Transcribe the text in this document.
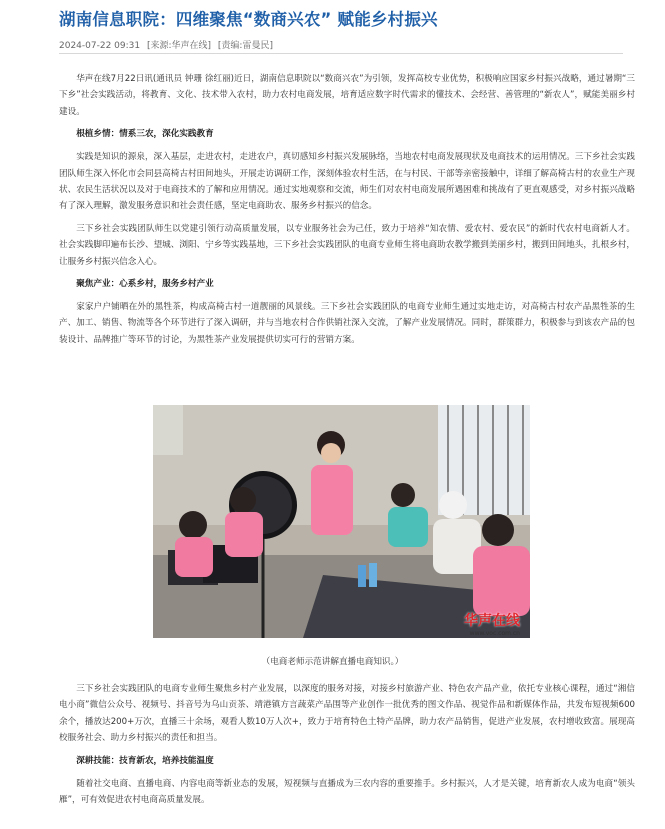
湖南信息职院：四维聚焦“数商兴农” 赋能乡村振兴
2024-07-22 09:31 [来源:华声在线] [责编:雷曼民]

华声在线7月22日讯(通讯员 钟珊 徐红丽)近日，湖南信息职院以“数商兴农”为引领，发挥高校专业优势，积极响应国家乡村振兴战略，通过暑期“三下乡”社会实践活动，将教育、文化、技术带入农村，助力农村电商发展，培育适应数字时代需求的懂技术、会经营、善管理的“新农人”，赋能美丽乡村建设。

根植乡情：情系三农，深化实践教育

实践是知识的源泉，深入基层，走进农村，走进农户，真切感知乡村振兴发展脉络，当地农村电商发展现状及电商技术的运用情况。三下乡社会实践团队师生深入怀化市会同县高椅古村田间地头，开展走访调研工作，深刻体验农村生活，在与村民、干部等亲密接触中，详细了解高椅古村的农业生产现状、农民生活状况以及对于电商技术的了解和应用情况。通过实地观察和交流，师生们对农村电商发展所遇困难和挑战有了更直观感受，对乡村振兴战略有了深入理解，激发服务意识和社会责任感，坚定电商助农、服务乡村振兴的信念。

三下乡社会实践团队师生以党建引领行动高质量发展，以专业服务社会为己任，致力于培养“知农情、爱农村、爱农民”的新时代农村电商新人才。社会实践脚印遍布长沙、望城、浏阳、宁乡等实践基地，三下乡社会实践团队的电商专业师生将电商助农教学搬到美丽乡村，搬到田间地头，扎根乡村，让服务乡村振兴信念入心。

聚焦产业：心系乡村，服务乡村产业

家家户户铺晒在外的黑牲茶，构成高椅古村一道靓丽的风景线。三下乡社会实践团队的电商专业师生通过实地走访，对高椅古村农产品黑牲茶的生产、加工、销售、物流等各个环节进行了深入调研，并与当地农村合作供销社深入交流，了解产业发展情况。同时，群策群力，积极参与到该农产品的包装设计、品牌推广等环节的讨论，为黑牲茶产业发展提供切实可行的营销方案。

华声在线
www.voc.com.cn
（电商老师示范讲解直播电商知识。）

三下乡社会实践团队的电商专业师生聚焦乡村产业发展，以深度的服务对接，对接乡村旅游产业、特色农产品产业，依托专业核心课程，通过“湘信电小商”微信公众号、视频号、抖音号为乌山贡茶、靖港镇方言蔬菜产品围等产业创作一批优秀的图文作品、视觉作品和新媒体作品，共发布短视频600余个，播放达200+万次，直播三十余场，观看人数10万人次+，致力于培育特色土特产品牌，助力农产品销售，促进产业发展，农村增收致富。展现高校服务社会、助力乡村振兴的责任和担当。

深耕技能：技育新农，培养技能温度

随着社交电商、直播电商、内容电商等新业态的发展，短视频与直播成为三农内容的重要推手。乡村振兴，人才是关键，培育新农人成为电商“领头雁”，可有效促进农村电商高质量发展。
